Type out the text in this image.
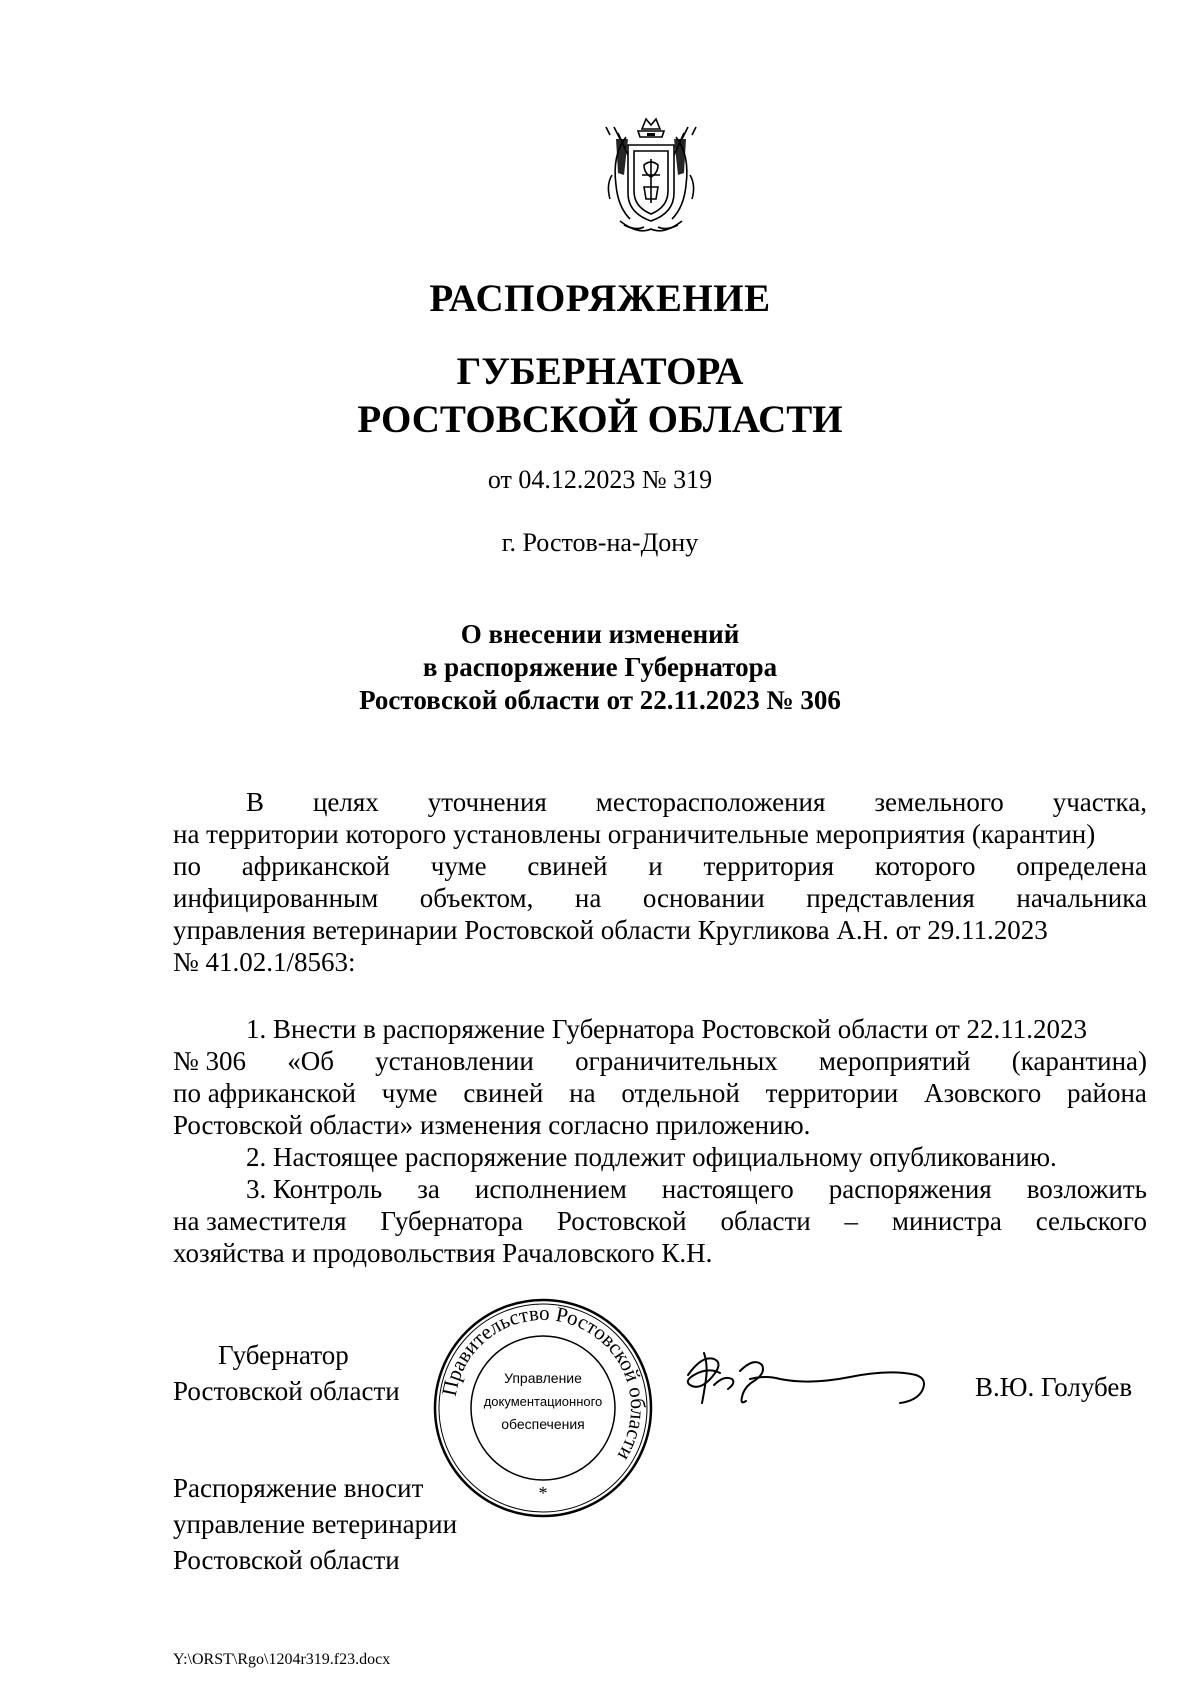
РАСПОРЯЖЕНИЕ
ГУБЕРНАТОРА
РОСТОВСКОЙ ОБЛАСТИ
от 04.12.2023 № 319
г. Ростов-на-Дону
О внесении изменений
в распоряжение Губернатора
Ростовской области от 22.11.2023 № 306
В целях уточнения месторасположения земельного участка,
на территории которого установлены ограничительные мероприятия (карантин)
по африканской чуме свиней и территория которого определена
инфицированным объектом, на основании представления начальника
управления ветеринарии Ростовской области Кругликова А.Н. от 29.11.2023
№ 41.02.1/8563:
1. Внести в распоряжение Губернатора Ростовской области от 22.11.2023
№ 306 «Об установлении ограничительных мероприятий (карантина)
по африканской чуме свиней на отдельной территории Азовского района
Ростовской области» изменения согласно приложению.
2. Настоящее распоряжение подлежит официальному опубликованию.
3. Контроль за исполнением настоящего распоряжения возложить
на заместителя Губернатора Ростовской области – министра сельского
хозяйства и продовольствия Рачаловского К.Н.
Губернатор
Ростовской области Правительство Ростовской области
Управление
документационного
обеспечения
*
В.Ю. Голубев
Распоряжение вносит
управление ветеринарии
Ростовской области
Y:\ORST\Rgo\1204r319.f23.docx
